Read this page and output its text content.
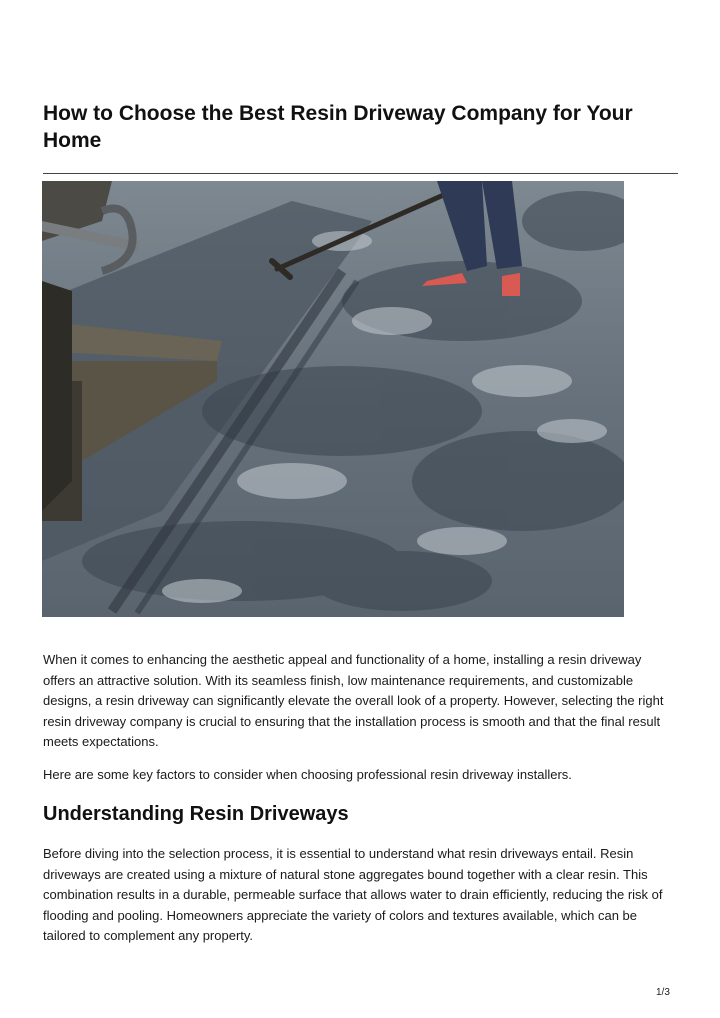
How to Choose the Best Resin Driveway Company for Your Home

When it comes to enhancing the aesthetic appeal and functionality of a home, installing a resin driveway offers an attractive solution. With its seamless finish, low maintenance requirements, and customizable designs, a resin driveway can significantly elevate the overall look of a property. However, selecting the right resin driveway company is crucial to ensuring that the installation process is smooth and that the final result meets expectations.

Here are some key factors to consider when choosing professional resin driveway installers.

Understanding Resin Driveways

Before diving into the selection process, it is essential to understand what resin driveways entail. Resin driveways are created using a mixture of natural stone aggregates bound together with a clear resin. This combination results in a durable, permeable surface that allows water to drain efficiently, reducing the risk of flooding and pooling. Homeowners appreciate the variety of colors and textures available, which can be tailored to complement any property.

1/3
